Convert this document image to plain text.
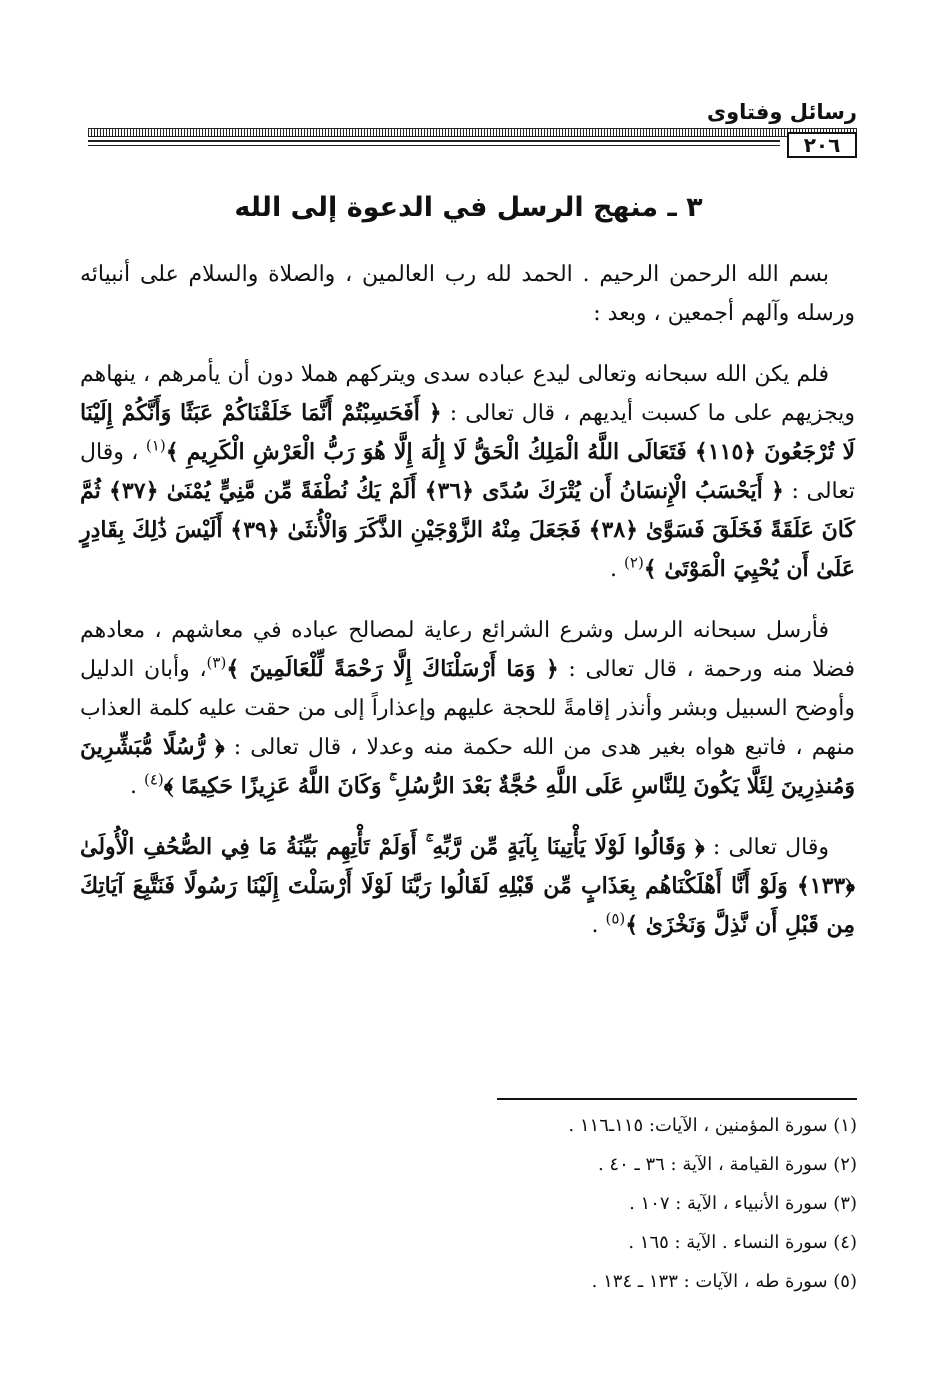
رسائل وفتاوى
٢٠٦
٣ ـ منهج الرسل في الدعوة إلى الله

بسم الله الرحمن الرحيم . الحمد لله رب العالمين ، والصلاة والسلام على أنبيائه ورسله وآلهم أجمعين ، وبعد :

فلم يكن الله سبحانه وتعالى ليدع عباده سدى ويتركهم هملا دون أن يأمرهم ، ينهاهم ويجزيهم على ما كسبت أيديهم ، قال تعالى : ﴿ أَفَحَسِبْتُمْ أَنَّمَا خَلَقْنَاكُمْ عَبَثًا وَأَنَّكُمْ إِلَيْنَا لَا تُرْجَعُونَ ﴿١١٥﴾ فَتَعَالَى اللَّهُ الْمَلِكُ الْحَقُّ لَا إِلَٰهَ إِلَّا هُوَ رَبُّ الْعَرْشِ الْكَرِيمِ ﴾$^{(١)}$ ، وقال تعالى : ﴿ أَيَحْسَبُ الْإِنسَانُ أَن يُتْرَكَ سُدًى ﴿٣٦﴾ أَلَمْ يَكُ نُطْفَةً مِّن مَّنِيٍّ يُمْنَىٰ ﴿٣٧﴾ ثُمَّ كَانَ عَلَقَةً فَخَلَقَ فَسَوَّىٰ ﴿٣٨﴾ فَجَعَلَ مِنْهُ الزَّوْجَيْنِ الذَّكَرَ وَالْأُنثَىٰ ﴿٣٩﴾ أَلَيْسَ ذَٰلِكَ بِقَادِرٍ عَلَىٰ أَن يُحْيِيَ الْمَوْتَىٰ ﴾$^{(٢)}$ .

فأرسل سبحانه الرسل وشرع الشرائع رعاية لمصالح عباده في معاشهم ، معادهم فضلا منه ورحمة ، قال تعالى : ﴿ وَمَا أَرْسَلْنَاكَ إِلَّا رَحْمَةً لِّلْعَالَمِينَ ﴾$^{(٣)}$، وأبان الدليل وأوضح السبيل وبشر وأنذر إقامةً للحجة عليهم وإعذاراً إلى من حقت عليه كلمة العذاب منهم ، فاتبع هواه بغير هدى من الله حكمة منه وعدلا ، قال تعالى : ﴿ رُّسُلًا مُّبَشِّرِينَ وَمُنذِرِينَ لِئَلَّا يَكُونَ لِلنَّاسِ عَلَى اللَّهِ حُجَّةٌ بَعْدَ الرُّسُلِ ۚ وَكَانَ اللَّهُ عَزِيزًا حَكِيمًا ﴾$^{(٤)}$ .

وقال تعالى : ﴿ وَقَالُوا لَوْلَا يَأْتِينَا بِآيَةٍ مِّن رَّبِّهِ ۚ أَوَلَمْ تَأْتِهِم بَيِّنَةُ مَا فِي الصُّحُفِ الْأُولَىٰ ﴿١٣٣﴾ وَلَوْ أَنَّا أَهْلَكْنَاهُم بِعَذَابٍ مِّن قَبْلِهِ لَقَالُوا رَبَّنَا لَوْلَا أَرْسَلْتَ إِلَيْنَا رَسُولًا فَنَتَّبِعَ آيَاتِكَ مِن قَبْلِ أَن نَّذِلَّ وَنَخْزَىٰ ﴾$^{(٥)}$ .

(١) سورة المؤمنين ، الآيات: ١١٥ـ١١٦ .
(٢) سورة القيامة ، الآية : ٣٦ ـ ٤٠ .
(٣) سورة الأنبياء ، الآية : ١٠٧ .
(٤) سورة النساء . الآية : ١٦٥ .
(٥) سورة طه ، الآيات : ١٣٣ ـ ١٣٤ .
